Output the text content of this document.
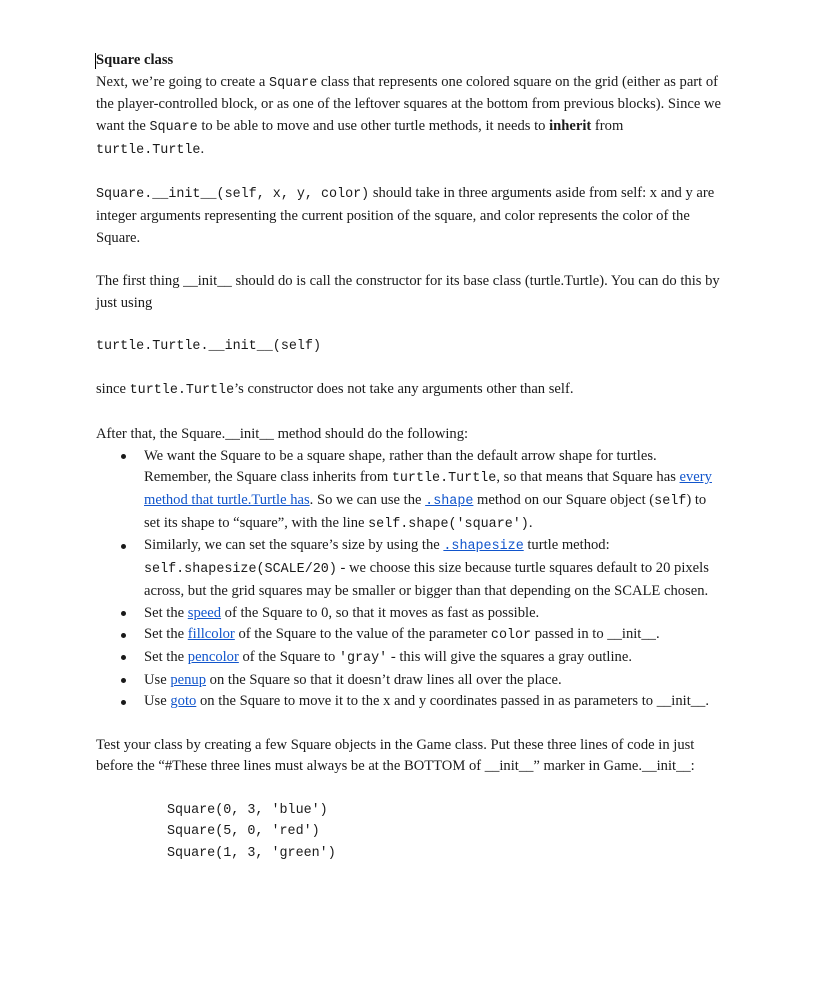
Square class

Next, we’re going to create a Square class that represents one colored square on the grid (either as part of the player-controlled block, or as one of the leftover squares at the bottom from previous blocks). Since we want the Square to be able to move and use other turtle methods, it needs to inherit from turtle.Turtle.

Square.__init__(self, x, y, color) should take in three arguments aside from self: x and y are integer arguments representing the current position of the square, and color represents the color of the Square.

The first thing __init__ should do is call the constructor for its base class (turtle.Turtle). You can do this by just using

turtle.Turtle.__init__(self)

since turtle.Turtle’s constructor does not take any arguments other than self.

After that, the Square.__init__ method should do the following:

We want the Square to be a square shape, rather than the default arrow shape for turtles. Remember, the Square class inherits from turtle.Turtle, so that means that Square has every method that turtle.Turtle has. So we can use the .shape method on our Square object (self) to set its shape to “square”, with the line self.shape('square').
Similarly, we can set the square’s size by using the .shapesize turtle method: self.shapesize(SCALE/20) - we choose this size because turtle squares default to 20 pixels across, but the grid squares may be smaller or bigger than that depending on the SCALE chosen.
Set the speed of the Square to 0, so that it moves as fast as possible.
Set the fillcolor of the Square to the value of the parameter color passed in to __init__.
Set the pencolor of the Square to 'gray' - this will give the squares a gray outline.
Use penup on the Square so that it doesn’t draw lines all over the place.
Use goto on the Square to move it to the x and y coordinates passed in as parameters to __init__.

Test your class by creating a few Square objects in the Game class. Put these three lines of code in just before the “#These three lines must always be at the BOTTOM of __init__” marker in Game.__init__:

Square(0, 3, 'blue')
Square(5, 0, 'red')
Square(1, 3, 'green')
